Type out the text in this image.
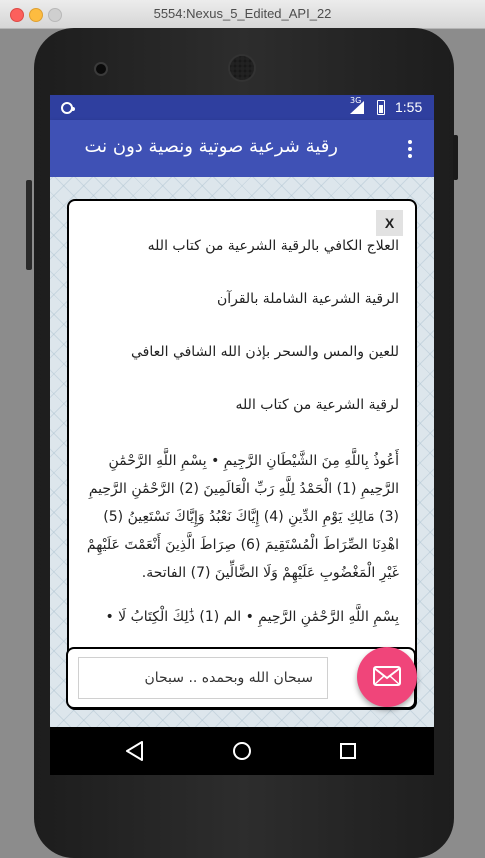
5554:Nexus_5_Edited_API_22
3G 1:55
رقية شرعية صوتية ونصية دون نت
X

العلاج الكافي بالرقية الشرعية من كتاب الله

الرقية الشرعية الشاملة بالقرآن

للعين والمس والسحر بإذن الله الشافي العافي

لرقية الشرعية من كتاب الله

أَعُوذُ بِاللَّهِ مِنَ الشَّيْطَانِ الرَّجِيمِ • بِسْمِ اللَّهِ الرَّحْمَٰنِ الرَّحِيمِ (1) الْحَمْدُ لِلَّهِ رَبِّ الْعَالَمِينَ (2) الرَّحْمَٰنِ الرَّحِيمِ (3) مَالِكِ يَوْمِ الدِّينِ (4) إِيَّاكَ نَعْبُدُ وَإِيَّاكَ نَسْتَعِينُ (5) اهْدِنَا الصِّرَاطَ الْمُسْتَقِيمَ (6) صِرَاطَ الَّذِينَ أَنْعَمْتَ عَلَيْهِمْ غَيْرِ الْمَغْضُوبِ عَلَيْهِمْ وَلَا الضَّالِّينَ (7) الفاتحة.

بِسْمِ اللَّهِ الرَّحْمَٰنِ الرَّحِيمِ • الم (1) ذَٰلِكَ الْكِتَابُ لَا •

سبحان الله وبحمده .. سبحان
